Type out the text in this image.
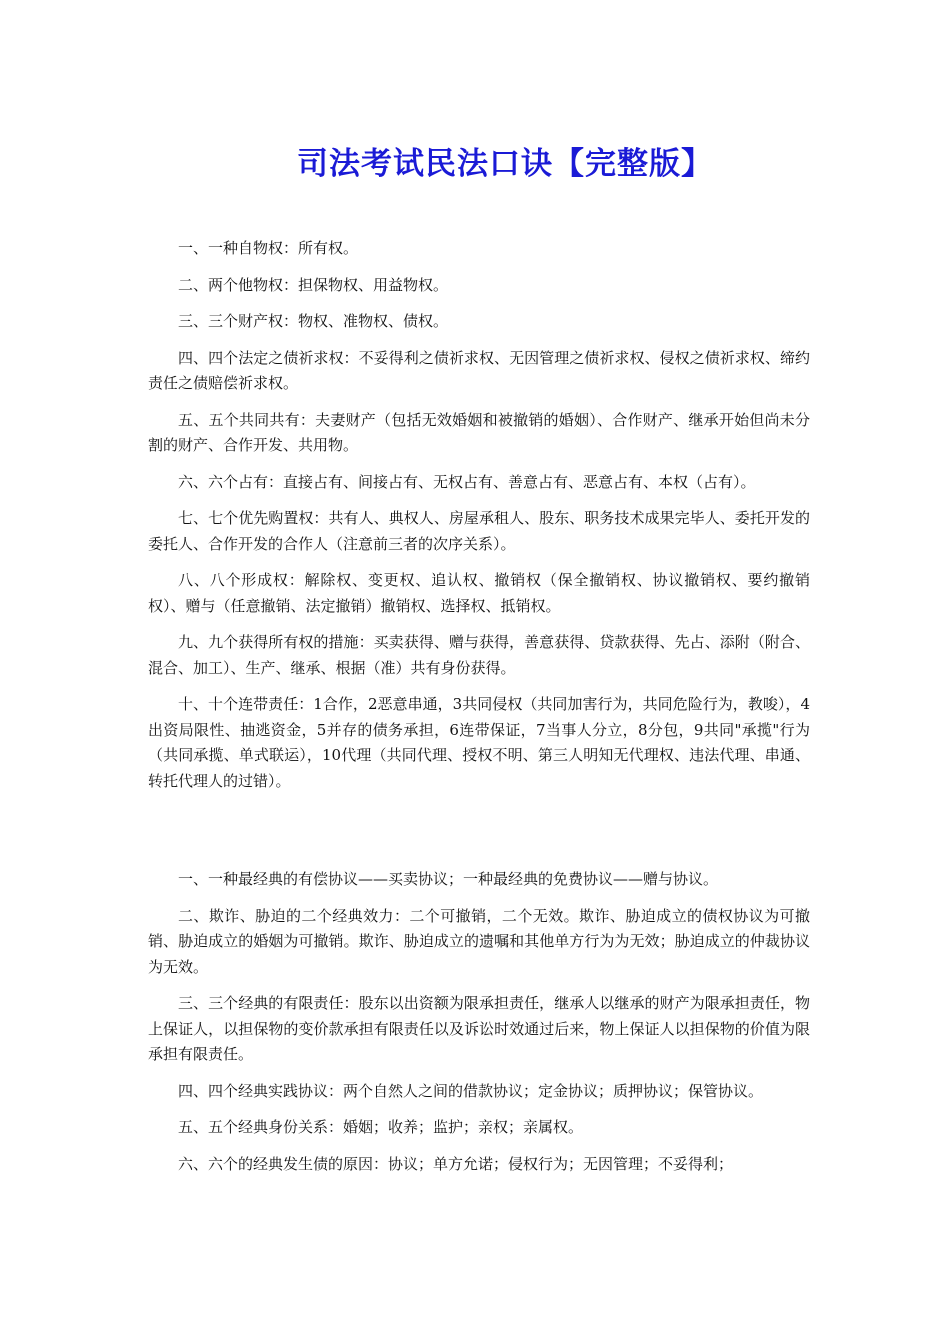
司法考试民法口诀【完整版】

一、一种自物权：所有权。

二、两个他物权：担保物权、用益物权。

三、三个财产权：物权、准物权、债权。

四、四个法定之债祈求权：不妥得利之债祈求权、无因管理之债祈求权、侵权之债祈求权、缔约责任之债赔偿祈求权。

五、五个共同共有：夫妻财产（包括无效婚姻和被撤销的婚姻）、合作财产、继承开始但尚未分割的财产、合作开发、共用物。

六、六个占有：直接占有、间接占有、无权占有、善意占有、恶意占有、本权（占有）。

七、七个优先购置权：共有人、典权人、房屋承租人、股东、职务技术成果完毕人、委托开发的委托人、合作开发的合作人（注意前三者的次序关系）。

八、八个形成权：解除权、变更权、追认权、撤销权（保全撤销权、协议撤销权、要约撤销权）、赠与（任意撤销、法定撤销）撤销权、选择权、抵销权。

九、九个获得所有权的措施：买卖获得、赠与获得，善意获得、贷款获得、先占、添附（附合、混合、加工）、生产、继承、根据（准）共有身份获得。

十、十个连带责任：1合作，2恶意串通，3共同侵权（共同加害行为，共同危险行为，教唆），4出资局限性、抽逃资金，5并存的债务承担，6连带保证，7当事人分立，8分包，9共同"承揽"行为（共同承揽、单式联运），10代理（共同代理、授权不明、第三人明知无代理权、违法代理、串通、转托代理人的过错）。

一、一种最经典的有偿协议——买卖协议；一种最经典的免费协议——赠与协议。

二、欺诈、胁迫的二个经典效力：二个可撤销，二个无效。欺诈、胁迫成立的债权协议为可撤销、胁迫成立的婚姻为可撤销。欺诈、胁迫成立的遗嘱和其他单方行为为无效；胁迫成立的仲裁协议为无效。

三、三个经典的有限责任：股东以出资额为限承担责任，继承人以继承的财产为限承担责任，物上保证人，以担保物的变价款承担有限责任以及诉讼时效通过后来，物上保证人以担保物的价值为限承担有限责任。

四、四个经典实践协议：两个自然人之间的借款协议；定金协议；质押协议；保管协议。

五、五个经典身份关系：婚姻；收养；监护；亲权；亲属权。

六、六个的经典发生债的原因：协议；单方允诺；侵权行为；无因管理；不妥得利；
